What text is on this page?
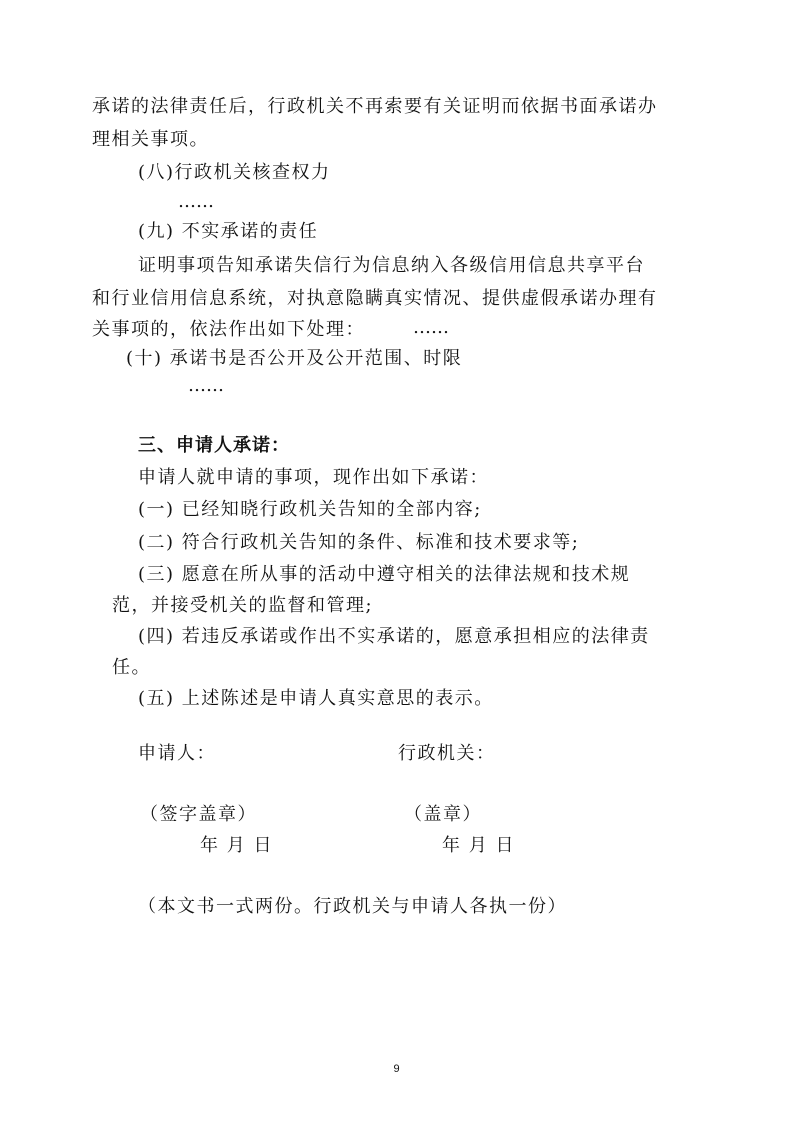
承诺的法律责任后，行政机关不再索要有关证明而依据书面承诺办
理相关事项。
(八)行政机关核查权力
……
(九) 不实承诺的责任
证明事项告知承诺失信行为信息纳入各级信用信息共享平台
和行业信用信息系统，对执意隐瞒真实情况、提供虚假承诺办理有
关事项的，依法作出如下处理：	……
(十) 承诺书是否公开及公开范围、时限
……
三、申请人承诺：
申请人就申请的事项，现作出如下承诺：
(一) 已经知晓行政机关告知的全部内容;
(二) 符合行政机关告知的条件、标准和技术要求等;
(三) 愿意在所从事的活动中遵守相关的法律法规和技术规
范，并接受机关的监督和管理;
(四) 若违反承诺或作出不实承诺的，愿意承担相应的法律责
任。
(五) 上述陈述是申请人真实意思的表示。
申请人：	行政机关：
（签字盖章）	（盖章）
年 月 日	年 月 日
（本文书一式两份。行政机关与申请人各执一份）
9
